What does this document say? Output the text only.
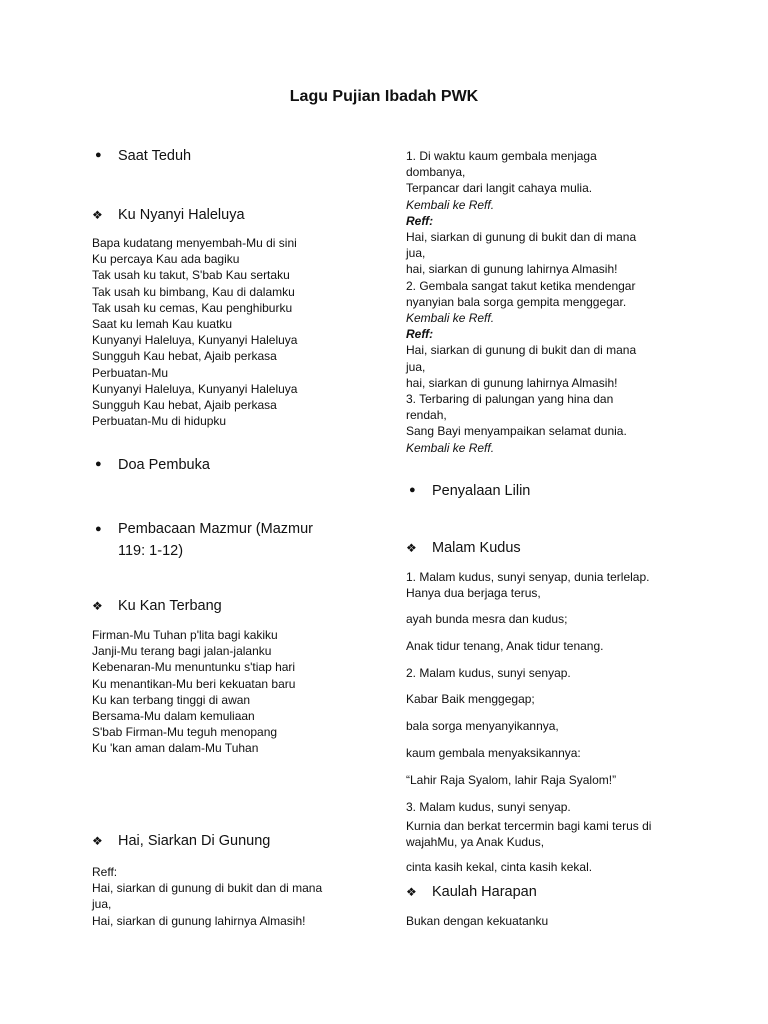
Lagu Pujian Ibadah PWK
● Saat Teduh
❖ Ku Nyanyi Haleluya
Bapa kudatang menyembah-Mu di sini
Ku percaya Kau ada bagiku
Tak usah ku takut, S'bab Kau sertaku
Tak usah ku bimbang, Kau di dalamku
Tak usah ku cemas, Kau penghiburku
Saat ku lemah Kau kuatku
Kunyanyi Haleluya, Kunyanyi Haleluya
Sungguh Kau hebat, Ajaib perkasa
Perbuatan-Mu
Kunyanyi Haleluya, Kunyanyi Haleluya
Sungguh Kau hebat, Ajaib perkasa
Perbuatan-Mu di hidupku
● Doa Pembuka
● Pembacaan Mazmur (Mazmur
119: 1-12)
❖ Ku Kan Terbang
Firman-Mu Tuhan p'lita bagi kakiku
Janji-Mu terang bagi jalan-jalanku
Kebenaran-Mu menuntunku s'tiap hari
Ku menantikan-Mu beri kekuatan baru
Ku kan terbang tinggi di awan
Bersama-Mu dalam kemuliaan
S'bab Firman-Mu teguh menopang
Ku 'kan aman dalam-Mu Tuhan
❖ Hai, Siarkan Di Gunung
Reff:
Hai, siarkan di gunung di bukit dan di mana
jua,
Hai, siarkan di gunung lahirnya Almasih!
1. Di waktu kaum gembala menjaga
dombanya,
Terpancar dari langit cahaya mulia.
Kembali ke Reff.
Reff:
Hai, siarkan di gunung di bukit dan di mana
jua,
hai, siarkan di gunung lahirnya Almasih!
2. Gembala sangat takut ketika mendengar
nyanyian bala sorga gempita menggegar.
Kembali ke Reff.
Reff:
Hai, siarkan di gunung di bukit dan di mana
jua,
hai, siarkan di gunung lahirnya Almasih!
3. Terbaring di palungan yang hina dan
rendah,
Sang Bayi menyampaikan selamat dunia.
Kembali ke Reff.
● Penyalaan Lilin
❖ Malam Kudus
1. Malam kudus, sunyi senyap, dunia terlelap.
Hanya dua berjaga terus,
ayah bunda mesra dan kudus;
Anak tidur tenang, Anak tidur tenang.
2. Malam kudus, sunyi senyap.
Kabar Baik menggegap;
bala sorga menyanyikannya,
kaum gembala menyaksikannya:
“Lahir Raja Syalom, lahir Raja Syalom!”
3. Malam kudus, sunyi senyap.
Kurnia dan berkat tercermin bagi kami terus di
wajahMu, ya Anak Kudus,
cinta kasih kekal, cinta kasih kekal.
❖ Kaulah Harapan
Bukan dengan kekuatanku
